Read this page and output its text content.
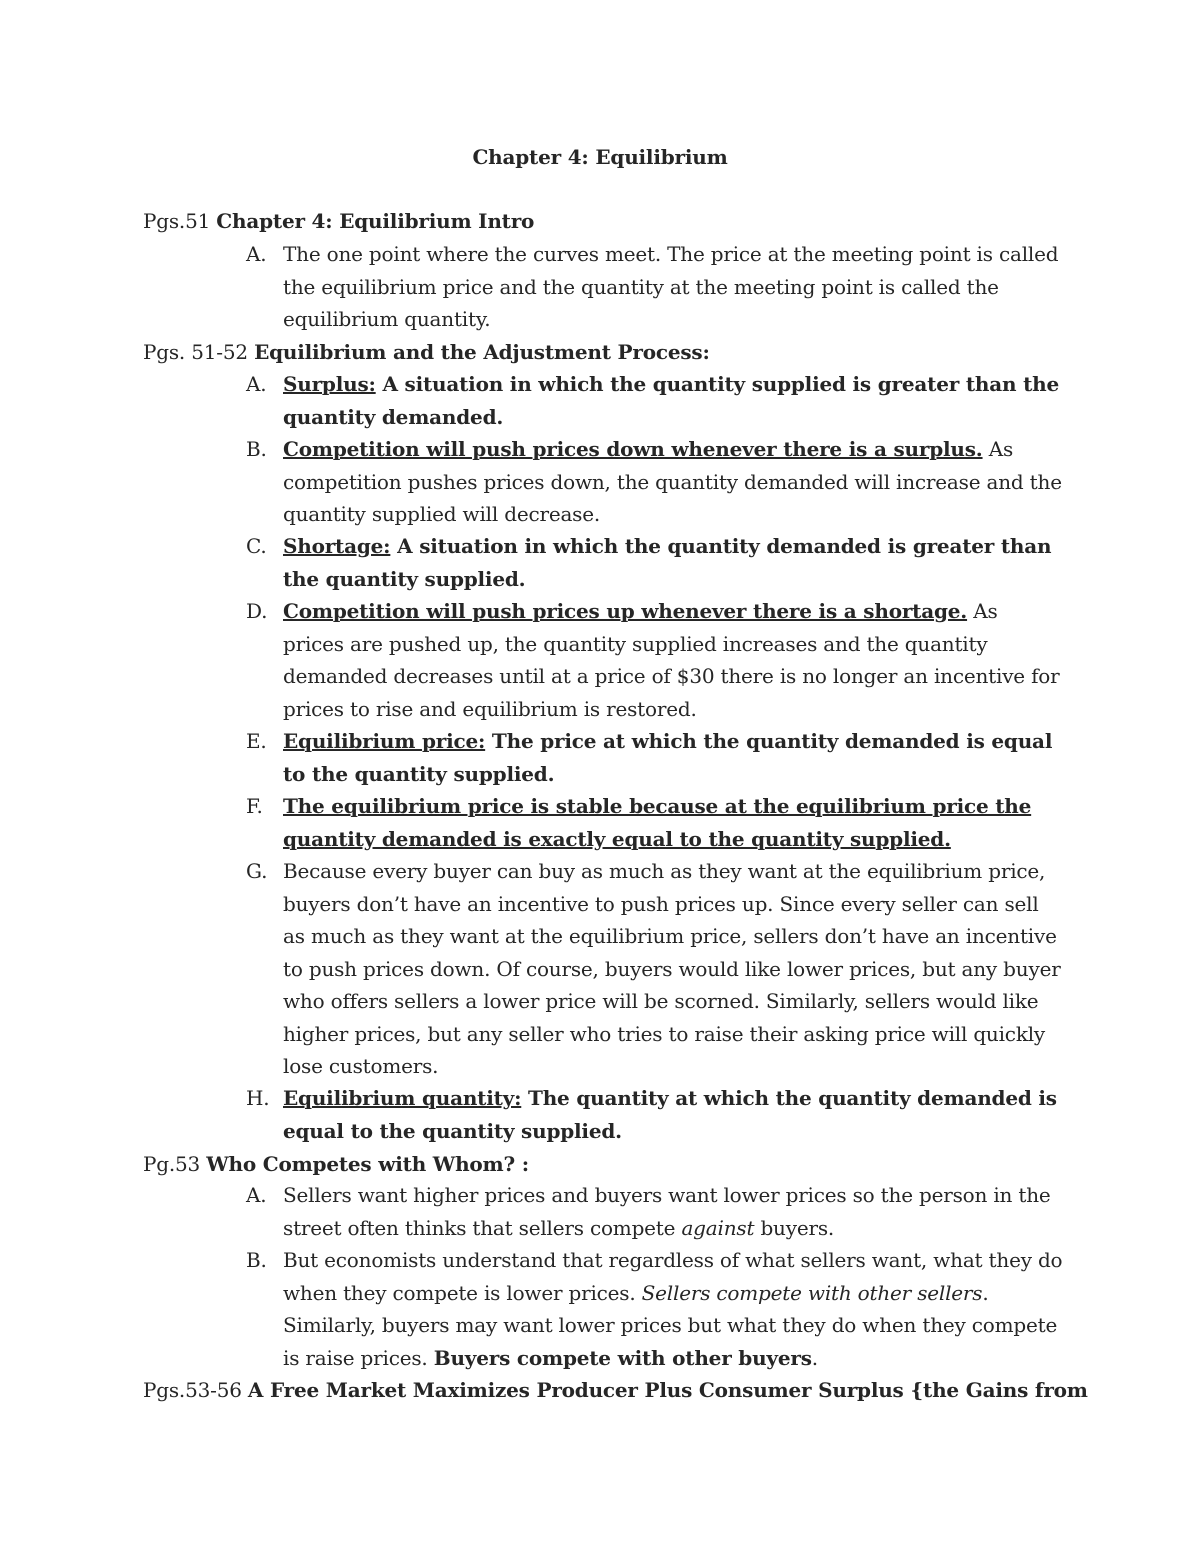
Chapter 4: Equilibrium
Pgs.51 Chapter 4: Equilibrium Intro
A. The one point where the curves meet. The price at the meeting point is called the equilibrium price and the quantity at the meeting point is called the equilibrium quantity.
Pgs. 51-52 Equilibrium and the Adjustment Process:
A. Surplus: A situation in which the quantity supplied is greater than the quantity demanded.
B. Competition will push prices down whenever there is a surplus. As competition pushes prices down, the quantity demanded will increase and the quantity supplied will decrease.
C. Shortage: A situation in which the quantity demanded is greater than the quantity supplied.
D. Competition will push prices up whenever there is a shortage. As prices are pushed up, the quantity supplied increases and the quantity demanded decreases until at a price of $30 there is no longer an incentive for prices to rise and equilibrium is restored.
E. Equilibrium price: The price at which the quantity demanded is equal to the quantity supplied.
F. The equilibrium price is stable because at the equilibrium price the quantity demanded is exactly equal to the quantity supplied.
G. Because every buyer can buy as much as they want at the equilibrium price, buyers don’t have an incentive to push prices up. Since every seller can sell as much as they want at the equilibrium price, sellers don’t have an incentive to push prices down. Of course, buyers would like lower prices, but any buyer who offers sellers a lower price will be scorned. Similarly, sellers would like higher prices, but any seller who tries to raise their asking price will quickly lose customers.
H. Equilibrium quantity: The quantity at which the quantity demanded is equal to the quantity supplied.
Pg.53 Who Competes with Whom? :
A. Sellers want higher prices and buyers want lower prices so the person in the street often thinks that sellers compete against buyers.
B. But economists understand that regardless of what sellers want, what they do when they compete is lower prices. Sellers compete with other sellers. Similarly, buyers may want lower prices but what they do when they compete is raise prices. Buyers compete with other buyers.
Pgs.53-56 A Free Market Maximizes Producer Plus Consumer Surplus {the Gains from
